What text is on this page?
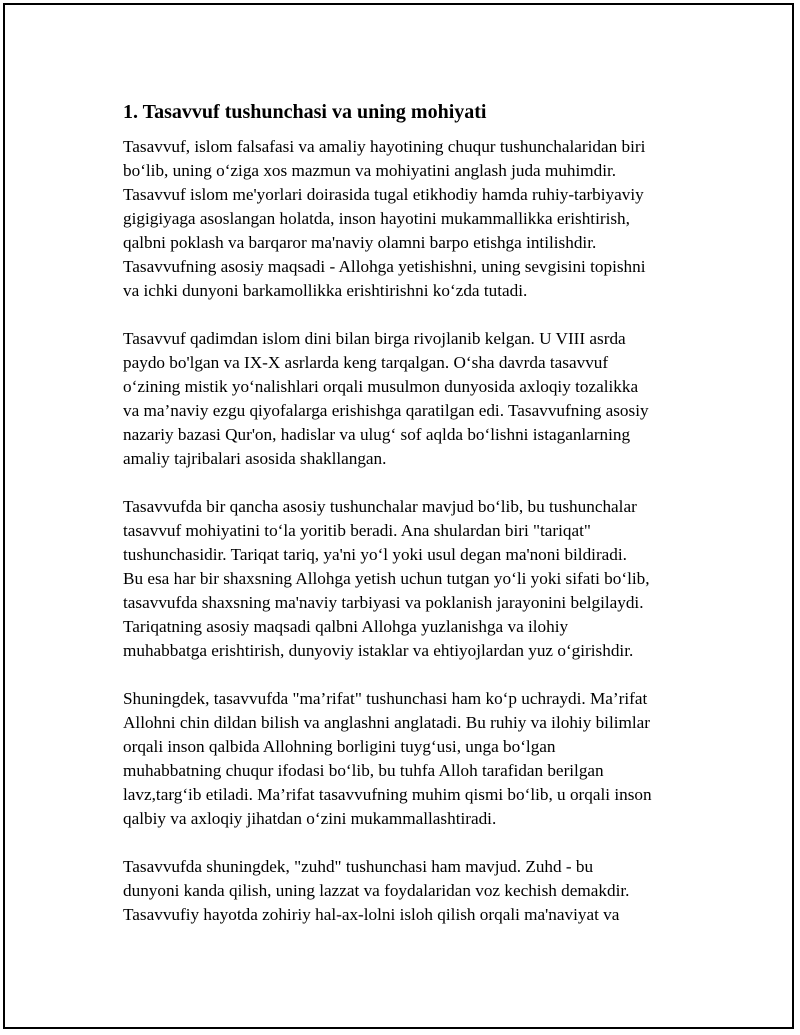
1. Tasavvuf tushunchasi va uning mohiyati
Tasavvuf, islom falsafasi va amaliy hayotining chuqur tushunchalaridan biri
bo‘lib, uning o‘ziga xos mazmun va mohiyatini anglash juda muhimdir.
Tasavvuf islom me'yorlari doirasida tugal etikhodiy hamda ruhiy-tarbiyaviy
gigigiyaga asoslangan holatda, inson hayotini mukammallikka erishtirish,
qalbni poklash va barqaror ma'naviy olamni barpo etishga intilishdir.
Tasavvufning asosiy maqsadi - Allohga yetishishni, uning sevgisini topishni
va ichki dunyoni barkamollikka erishtirishni ko‘zda tutadi.
Tasavvuf qadimdan islom dini bilan birga rivojlanib kelgan. U VIII asrda
paydo bo'lgan va IX-X asrlarda keng tarqalgan. O‘sha davrda tasavvuf
o‘zining mistik yo‘nalishlari orqali musulmon dunyosida axloqiy tozalikka
va ma’naviy ezgu qiyofalarga erishishga qaratilgan edi. Tasavvufning asosiy
nazariy bazasi Qur'on, hadislar va ulug‘ sof aqlda bo‘lishni istaganlarning
amaliy tajribalari asosida shakllangan.
Tasavvufda bir qancha asosiy tushunchalar mavjud bo‘lib, bu tushunchalar
tasavvuf mohiyatini to‘la yoritib beradi. Ana shulardan biri "tariqat"
tushunchasidir. Tariqat tariq, ya'ni yo‘l yoki usul degan ma'noni bildiradi.
Bu esa har bir shaxsning Allohga yetish uchun tutgan yo‘li yoki sifati bo‘lib,
tasavvufda shaxsning ma'naviy tarbiyasi va poklanish jarayonini belgilaydi.
Tariqatning asosiy maqsadi qalbni Allohga yuzlanishga va ilohiy
muhabbatga erishtirish, dunyoviy istaklar va ehtiyojlardan yuz o‘girishdir.
Shuningdek, tasavvufda "ma’rifat" tushunchasi ham ko‘p uchraydi. Ma’rifat
Allohni chin dildan bilish va anglashni anglatadi. Bu ruhiy va ilohiy bilimlar
orqali inson qalbida Allohning borligini tuyg‘usi, unga bo‘lgan
muhabbatning chuqur ifodasi bo‘lib, bu tuhfa Alloh tarafidan berilgan
lavz,targ‘ib etiladi. Ma’rifat tasavvufning muhim qismi bo‘lib, u orqali inson
qalbiy va axloqiy jihatdan o‘zini mukammallashtiradi.
Tasavvufda shuningdek, "zuhd" tushunchasi ham mavjud. Zuhd - bu
dunyoni kanda qilish, uning lazzat va foydalaridan voz kechish demakdir.
Tasavvufiy hayotda zohiriy hal-ax-lolni isloh qilish orqali ma'naviyat va
